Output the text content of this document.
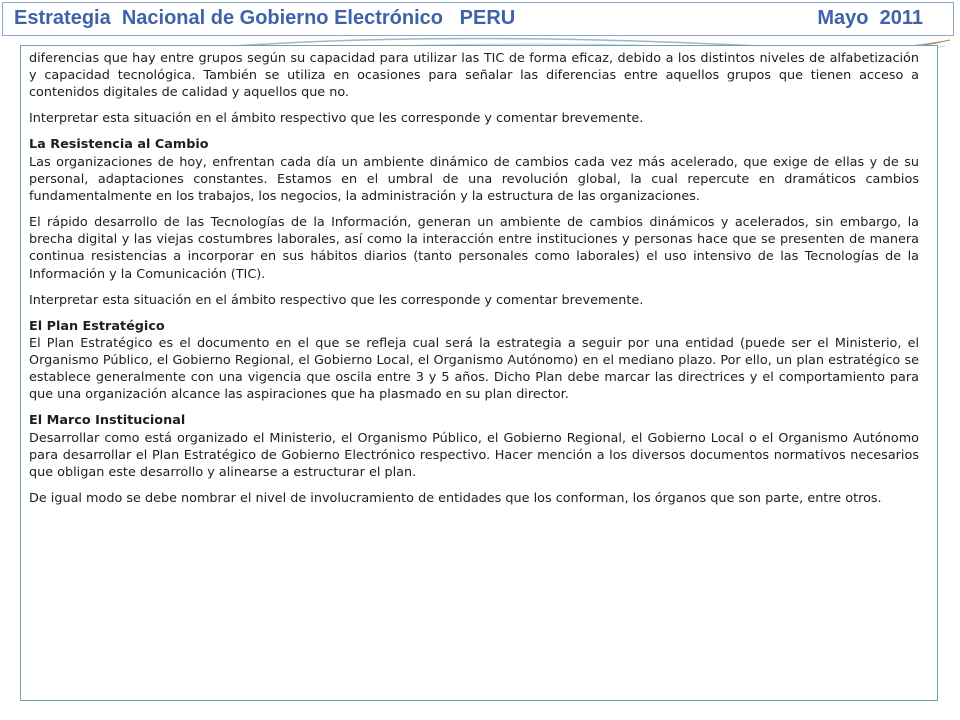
Estrategia  Nacional de Gobierno Electrónico   PERU	Mayo  2011

diferencias que hay entre grupos según su capacidad para utilizar las TIC de forma eficaz, debido a los distintos niveles de alfabetización y capacidad tecnológica. También se utiliza en ocasiones para señalar las diferencias entre aquellos grupos que tienen acceso a contenidos digitales de calidad y aquellos que no.

Interpretar esta situación en el ámbito respectivo que les corresponde y comentar brevemente.

La Resistencia al Cambio
Las organizaciones de hoy, enfrentan cada día un ambiente dinámico de cambios cada vez más acelerado, que exige de ellas y de su personal, adaptaciones constantes. Estamos en el umbral de una revolución global, la cual repercute en dramáticos cambios fundamentalmente en los trabajos, los negocios, la administración y la estructura de las organizaciones.

El rápido desarrollo de las Tecnologías de la Información, generan un ambiente de cambios dinámicos y acelerados, sin embargo, la brecha digital y las viejas costumbres laborales, así como la interacción entre instituciones y personas hace que se presenten de manera continua resistencias a incorporar en sus hábitos diarios (tanto personales como laborales) el uso intensivo de las Tecnologías de la Información y la Comunicación (TIC).

Interpretar esta situación en el ámbito respectivo que les corresponde y comentar brevemente.

El Plan Estratégico
El Plan Estratégico es el documento en el que se refleja cual será la estrategia a seguir por una entidad (puede ser el Ministerio, el Organismo Público, el Gobierno Regional, el Gobierno Local, el Organismo Autónomo) en el mediano plazo. Por ello, un plan estratégico se establece generalmente con una vigencia que oscila entre 3 y 5 años. Dicho Plan debe marcar las directrices y el comportamiento para que una organización alcance las aspiraciones que ha plasmado en su plan director.

El Marco Institucional
Desarrollar como está organizado el Ministerio, el Organismo Público, el Gobierno Regional, el Gobierno Local o el Organismo Autónomo para desarrollar el Plan Estratégico de Gobierno Electrónico respectivo. Hacer mención a los diversos documentos normativos necesarios que obligan este desarrollo y alinearse a estructurar el plan.

De igual modo se debe nombrar el nivel de involucramiento de entidades que los conforman, los órganos que son parte, entre otros.
